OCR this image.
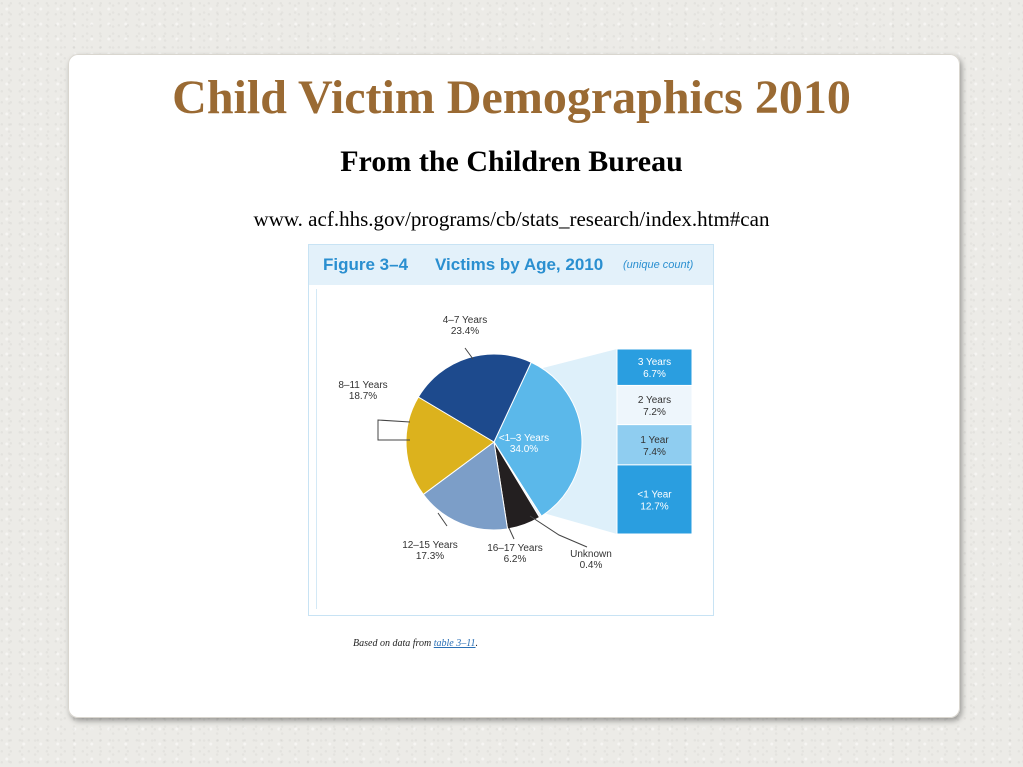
Child Victim Demographics 2010
From the Children Bureau
www. acf.hhs.gov/programs/cb/stats_research/index.htm#can
Figure 3–4 Victims by Age, 2010 (unique count)
<1–3 Years
34.0%
Unknown
0.4%
16–17 Years
6.2%
12–15 Years
17.3%
8–11 Years
18.7%
4–7 Years
23.4%
3 Years
6.7%
2 Years
7.2%
1 Year
7.4%
<1 Year
12.7%
Based on data from table 3–11.
